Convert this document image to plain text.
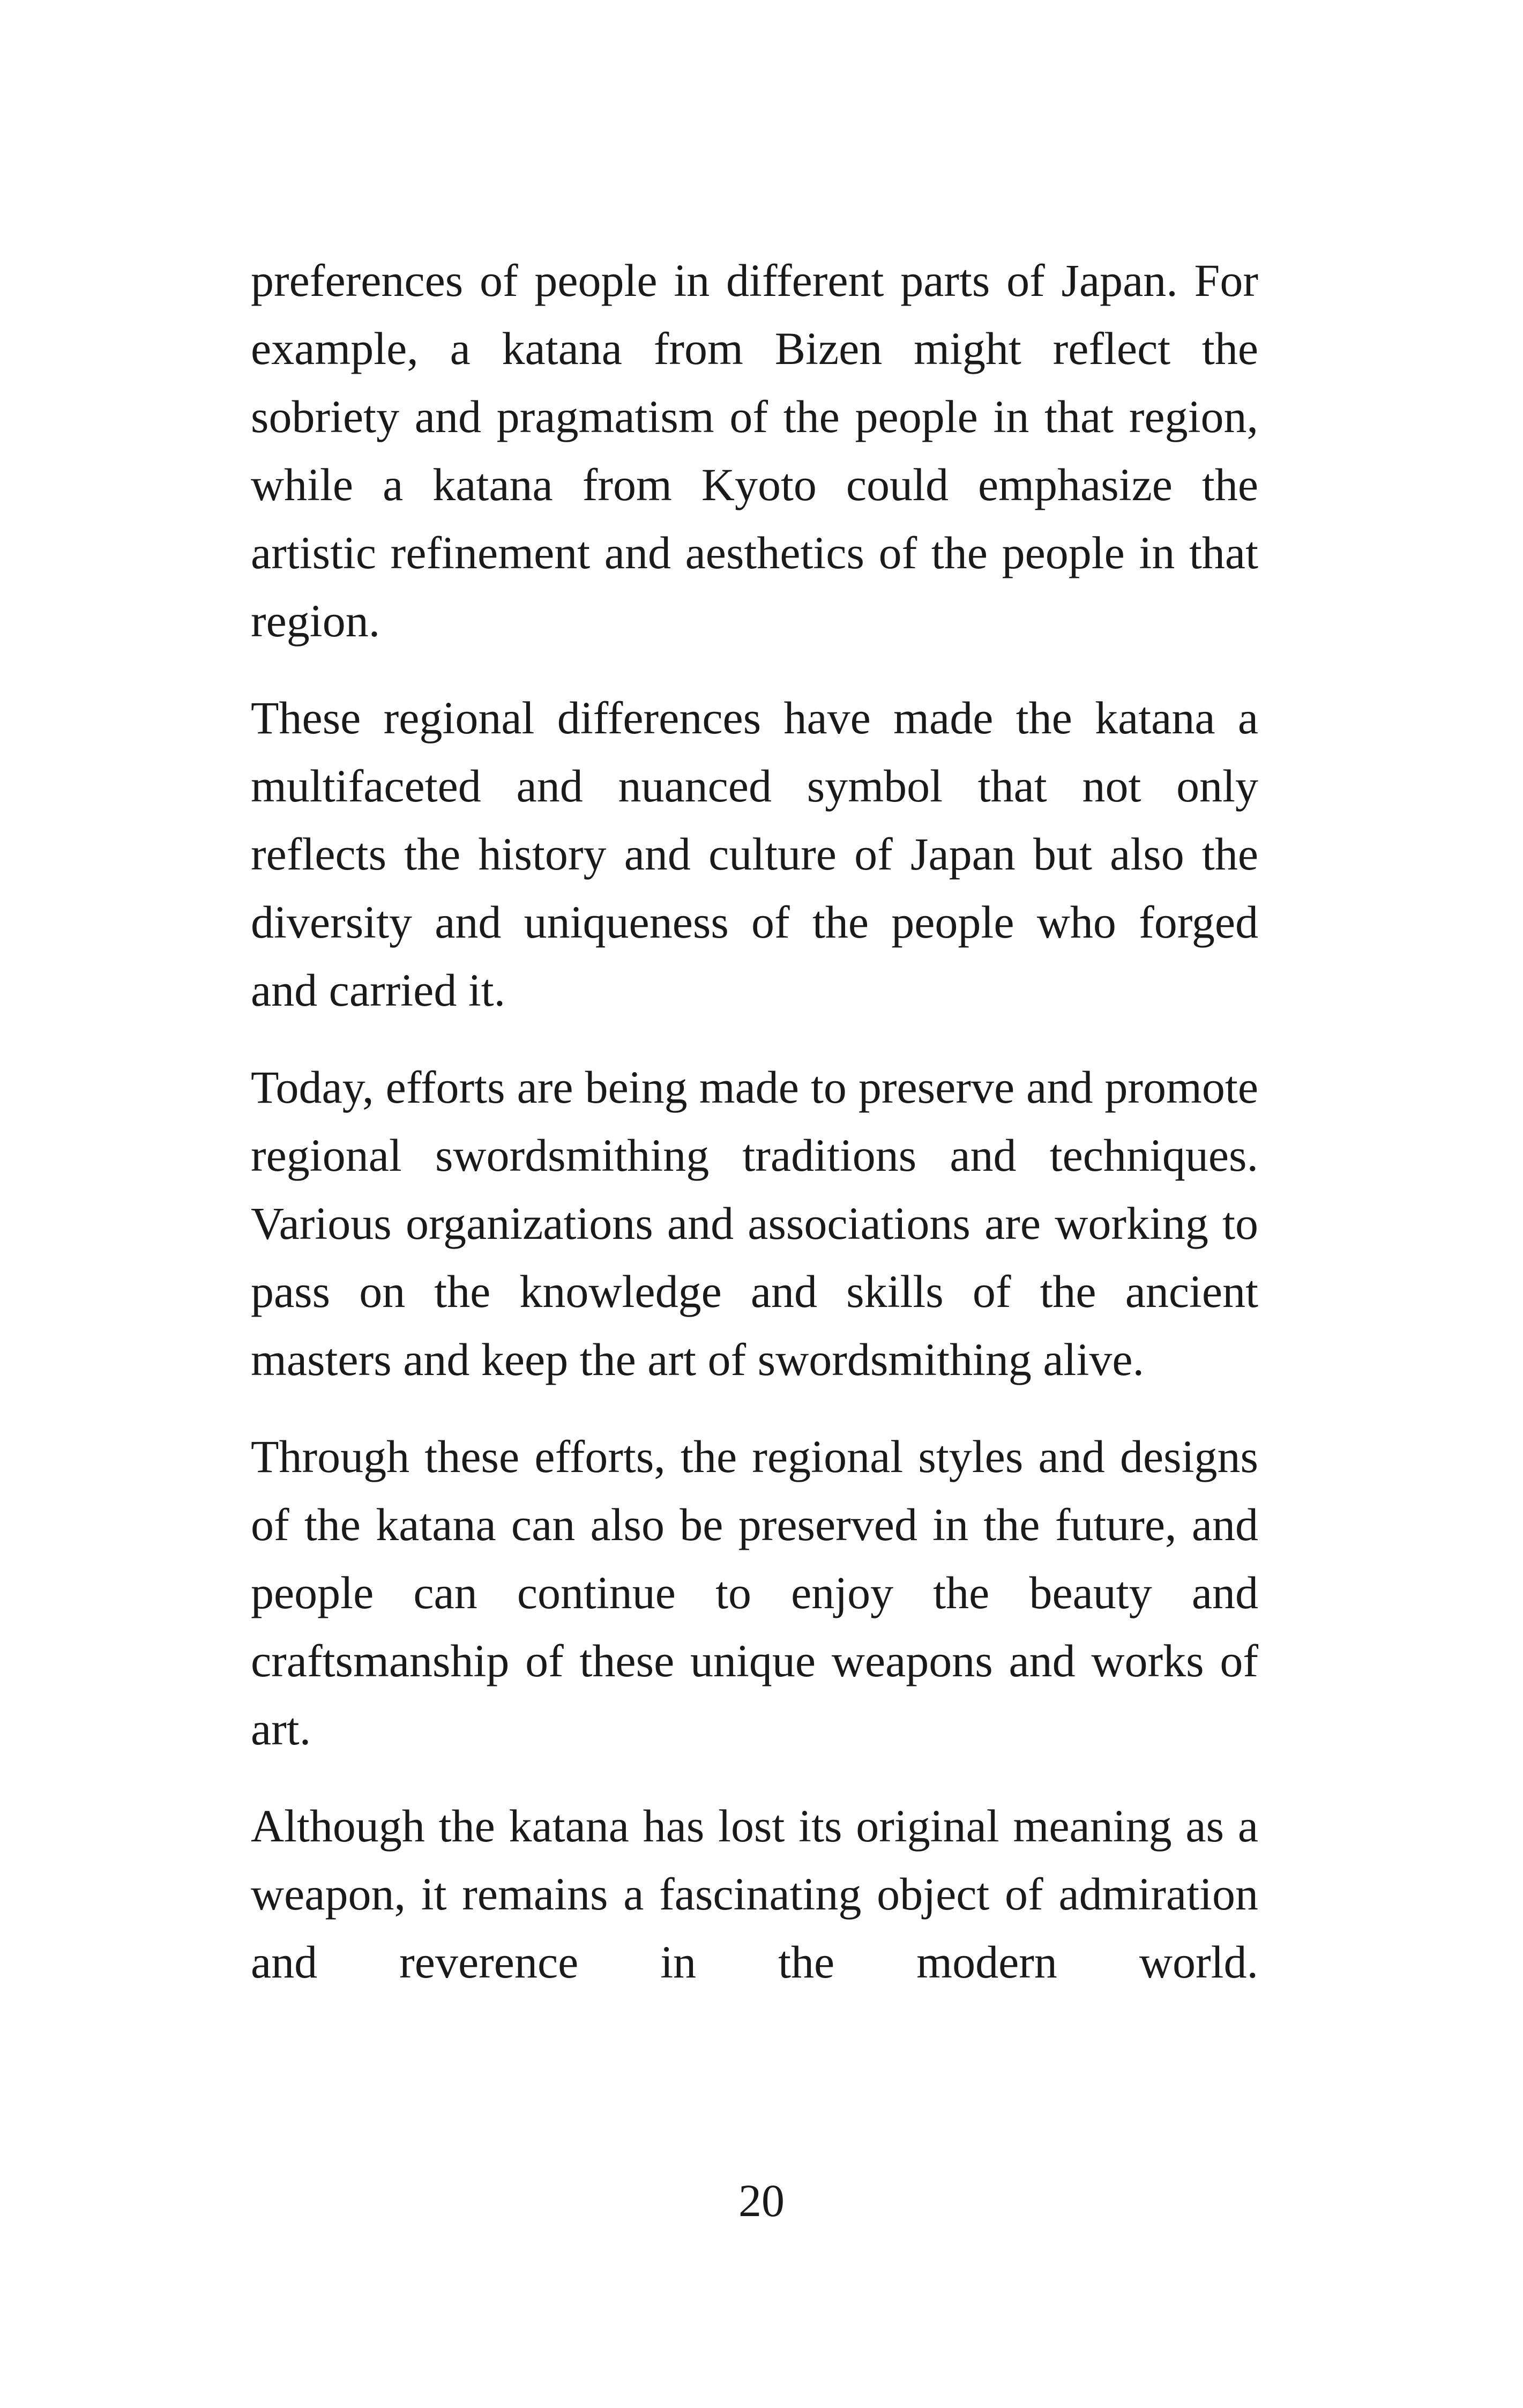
preferences of people in different parts of Japan. For example, a katana from Bizen might reflect the sobriety and pragmatism of the people in that region, while a katana from Kyoto could emphasize the artistic refinement and aesthetics of the people in that region.

These regional differences have made the katana a multifaceted and nuanced symbol that not only reflects the history and culture of Japan but also the diversity and uniqueness of the people who forged and carried it.

Today, efforts are being made to preserve and promote regional swordsmithing traditions and techniques. Various organizations and associations are working to pass on the knowledge and skills of the ancient masters and keep the art of swordsmithing alive.

Through these efforts, the regional styles and designs of the katana can also be preserved in the future, and people can continue to enjoy the beauty and craftsmanship of these unique weapons and works of art.

Although the katana has lost its original meaning as a weapon, it remains a fascinating object of admiration and reverence in the modern world.

20
